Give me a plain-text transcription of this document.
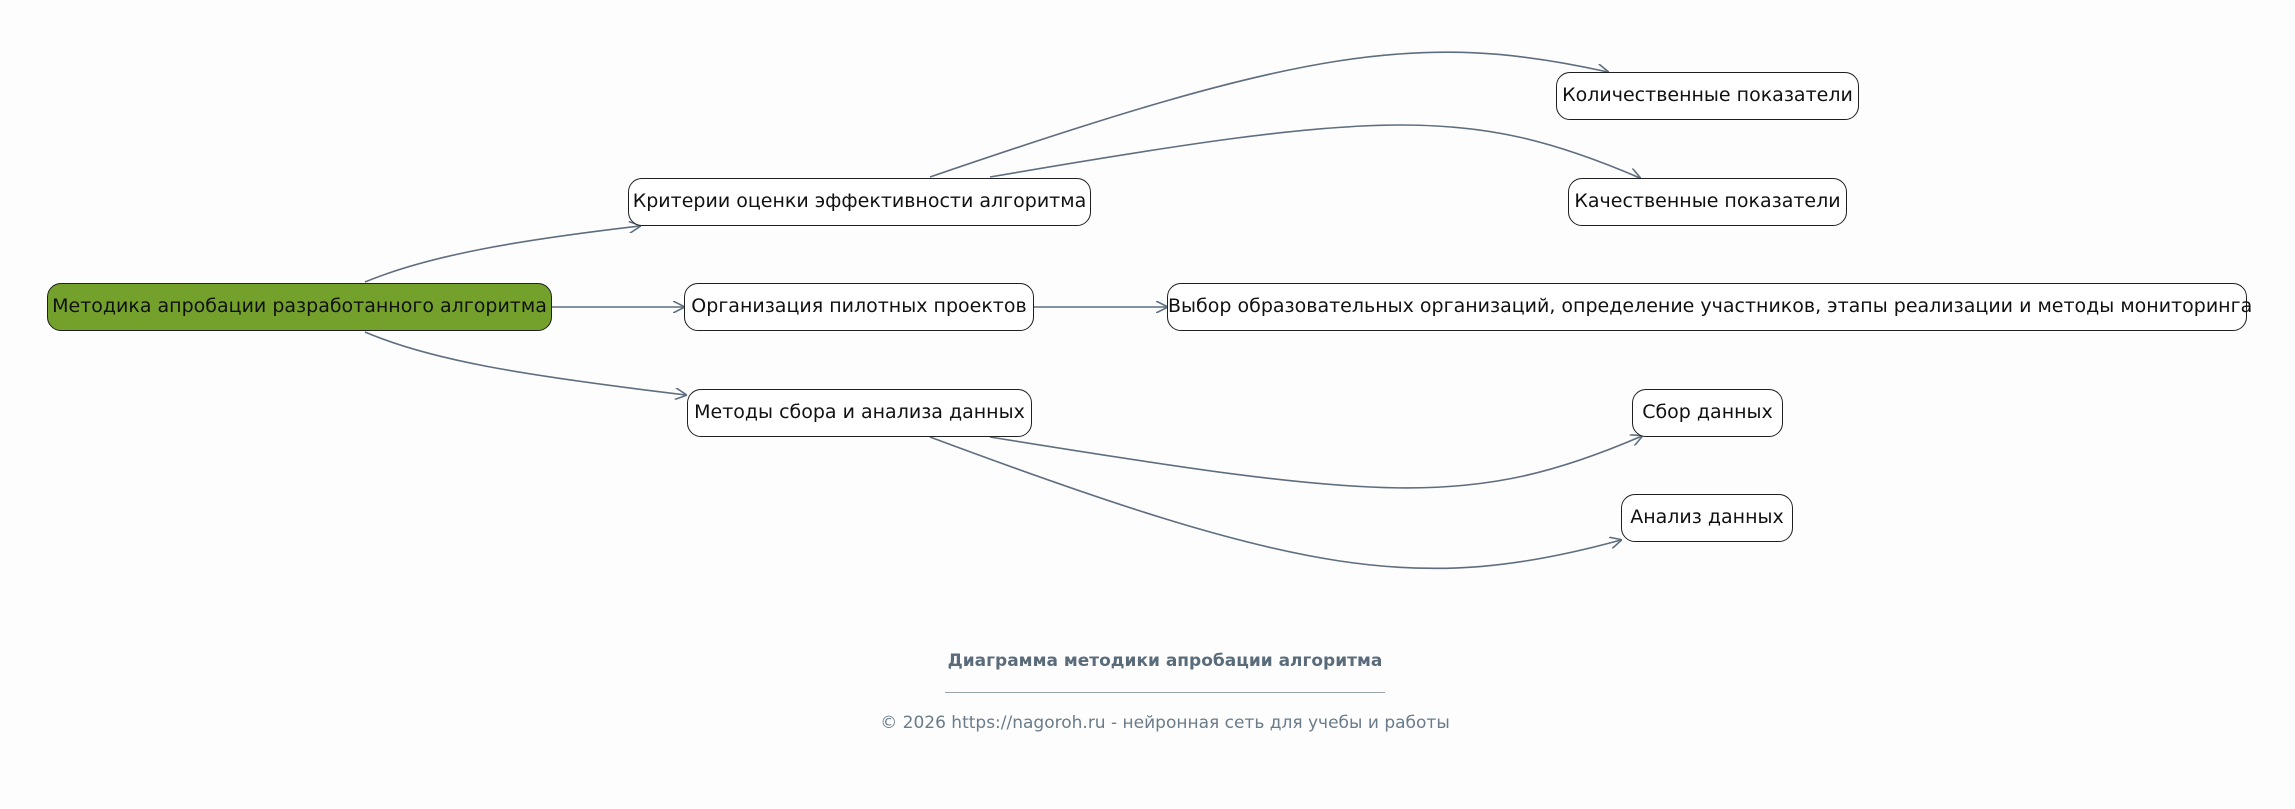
Методика апробации разработанного алгоритма
Критерии оценки эффективности алгоритма
Организация пилотных проектов
Методы сбора и анализа данных
Количественные показатели
Качественные показатели
Выбор образовательных организаций, определение участников, этапы реализации и методы мониторинга
Сбор данных
Анализ данных
Диаграмма методики апробации алгоритма
© 2026 https://nagoroh.ru - нейронная сеть для учебы и работы
